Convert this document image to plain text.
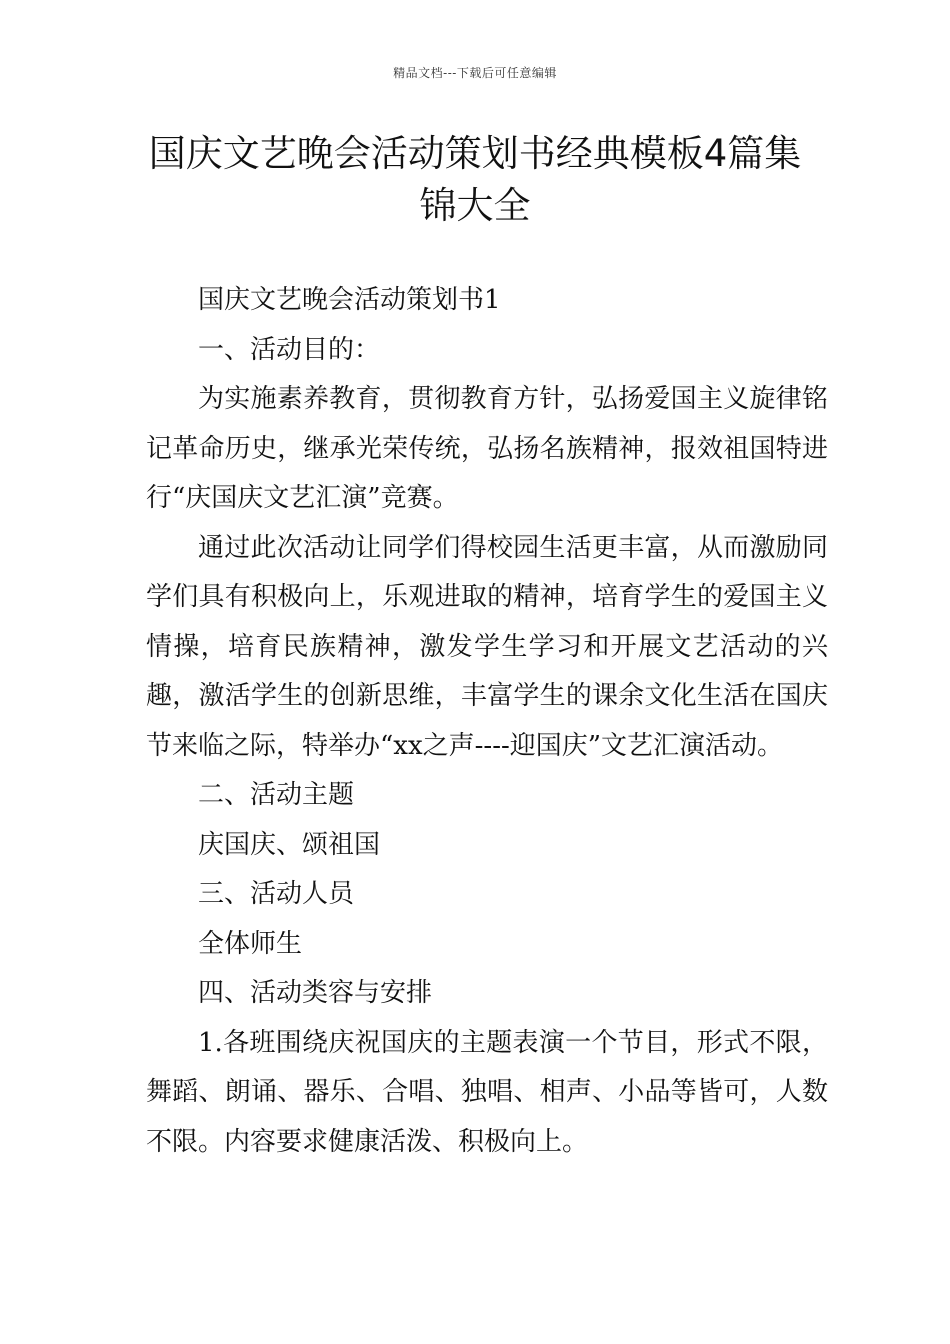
精品文档---下载后可任意编辑
国庆文艺晚会活动策划书经典模板4篇集锦大全

国庆文艺晚会活动策划书1

一、活动目的：

为实施素养教育，贯彻教育方针，弘扬爱国主义旋律铭记革命历史，继承光荣传统，弘扬名族精神，报效祖国特进行“庆国庆文艺汇演”竞赛。

通过此次活动让同学们得校园生活更丰富，从而激励同学们具有积极向上，乐观进取的精神，培育学生的爱国主义情操，培育民族精神，激发学生学习和开展文艺活动的兴趣，激活学生的创新思维，丰富学生的课余文化生活在国庆节来临之际，特举办“xx之声----迎国庆”文艺汇演活动。

二、活动主题

庆国庆、颂祖国

三、活动人员

全体师生

四、活动类容与安排

1.各班围绕庆祝国庆的主题表演一个节目，形式不限，舞蹈、朗诵、器乐、合唱、独唱、相声、小品等皆可，人数不限。内容要求健康活泼、积极向上。
